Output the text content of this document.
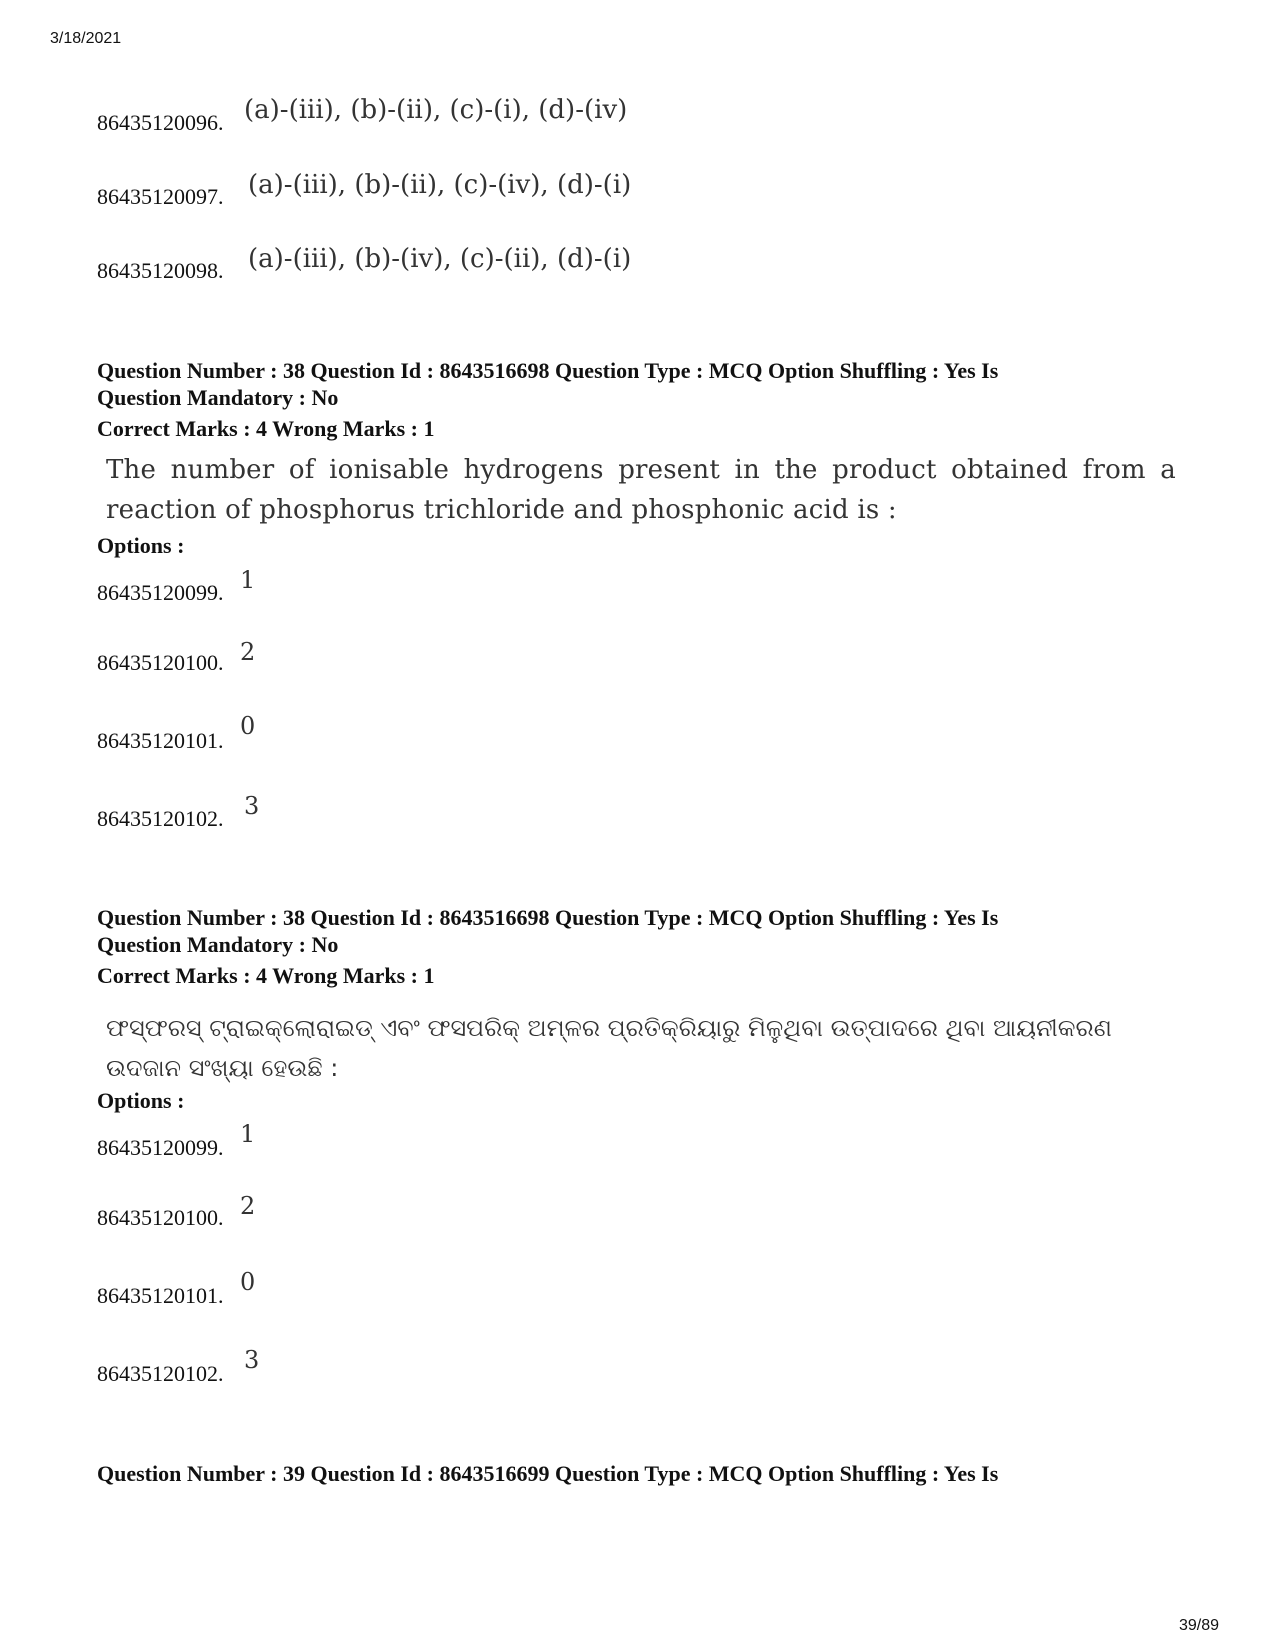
3/18/2021
86435120096. (a)-(iii), (b)-(ii), (c)-(i), (d)-(iv)
86435120097. (a)-(iii), (b)-(ii), (c)-(iv), (d)-(i)
86435120098. (a)-(iii), (b)-(iv), (c)-(ii), (d)-(i)
Question Number : 38 Question Id : 8643516698 Question Type : MCQ Option Shuffling : Yes Is
Question Mandatory : No
Correct Marks : 4 Wrong Marks : 1
The number of ionisable hydrogens present in the product obtained from a reaction of phosphorus trichloride and phosphonic acid is :
Options :
86435120099. 1
86435120100. 2
86435120101.
0
86435120102. 3
Question Number : 38 Question Id : 8643516698 Question Type : MCQ Option Shuffling : Yes Is
Question Mandatory : No
Correct Marks : 4 Wrong Marks : 1
ଫସ୍‌ଫରସ୍ ଟ୍ରାଇକ୍ଲୋରାଇଡ୍ ଏବଂ ଫସପରିକ୍ ଅମ୍ଳର ପ୍ରତିକ୍ରିୟାରୁ ମିଳୁଥିବା ଉତ୍ପାଦରେ ଥିବା ଆୟନୀକରଣ ଉଦଜାନ ସଂଖ୍ୟା ହେଉଛି :
Options :
86435120099. 1
86435120100. 2
86435120101. 0
86435120102. 3
Question Number : 39 Question Id : 8643516699 Question Type : MCQ Option Shuffling : Yes Is
39/89
